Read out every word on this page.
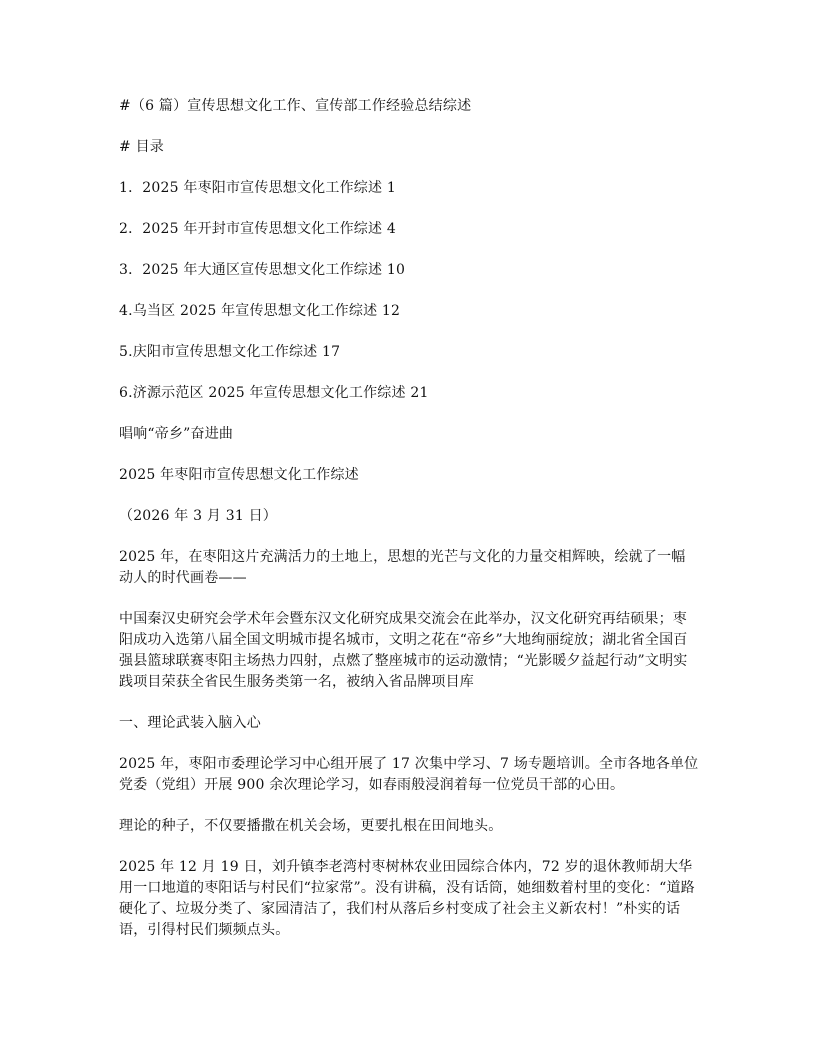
#（6 篇）宣传思想文化工作、宣传部工作经验总结综述

# 目录

1．2025 年枣阳市宣传思想文化工作综述 1

2．2025 年开封市宣传思想文化工作综述 4

3．2025 年大通区宣传思想文化工作综述 10

4.乌当区 2025 年宣传思想文化工作综述 12

5.庆阳市宣传思想文化工作综述 17

6.济源示范区 2025 年宣传思想文化工作综述 21

唱响“帝乡”奋进曲

2025 年枣阳市宣传思想文化工作综述

（2026 年 3 月 31 日）

2025 年，在枣阳这片充满活力的土地上，思想的光芒与文化的力量交相辉映，绘就了一幅动人的时代画卷——

中国秦汉史研究会学术年会暨东汉文化研究成果交流会在此举办，汉文化研究再结硕果；枣阳成功入选第八届全国文明城市提名城市，文明之花在“帝乡”大地绚丽绽放；湖北省全国百强县篮球联赛枣阳主场热力四射，点燃了整座城市的运动激情；“光影暖夕益起行动”文明实践项目荣获全省民生服务类第一名，被纳入省品牌项目库

一、理论武装入脑入心

2025 年，枣阳市委理论学习中心组开展了 17 次集中学习、7 场专题培训。全市各地各单位党委（党组）开展 900 余次理论学习，如春雨般浸润着每一位党员干部的心田。

理论的种子，不仅要播撒在机关会场，更要扎根在田间地头。

2025 年 12 月 19 日，刘升镇李老湾村枣树林农业田园综合体内，72 岁的退休教师胡大华用一口地道的枣阳话与村民们“拉家常”。没有讲稿，没有话筒，她细数着村里的变化：“道路硬化了、垃圾分类了、家园清洁了，我们村从落后乡村变成了社会主义新农村！”朴实的话语，引得村民们频频点头。
